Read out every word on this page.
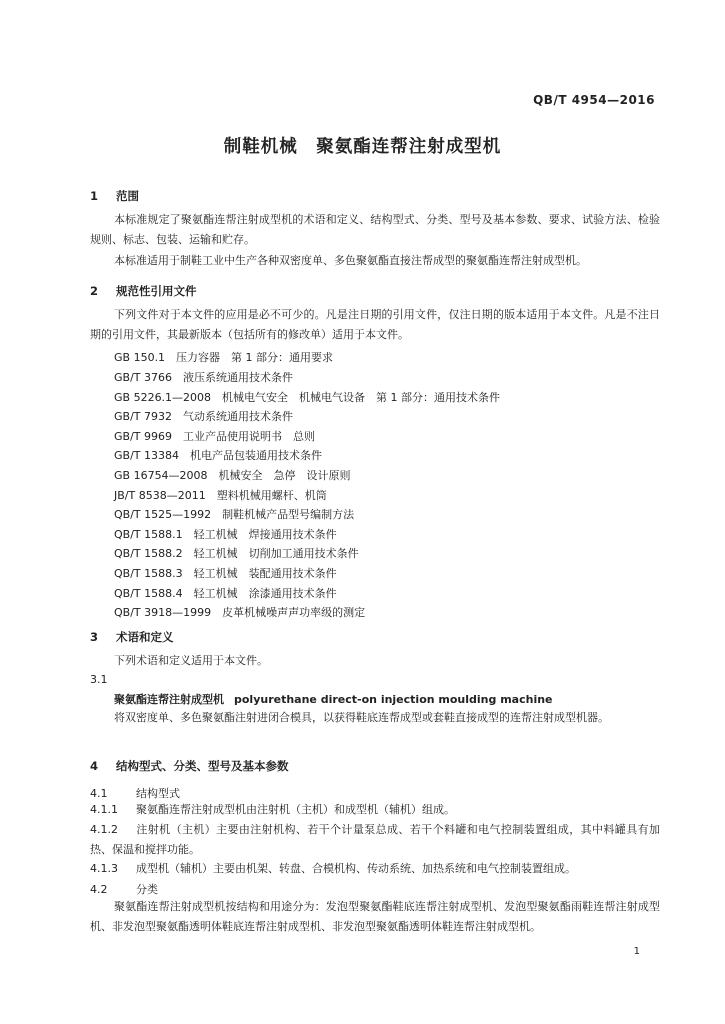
QB/T 4954—2016
制鞋机械　聚氨酯连帮注射成型机
1 范围
本标准规定了聚氨酯连帮注射成型机的术语和定义、结构型式、分类、型号及基本参数、要求、试验方法、检验规则、标志、包装、运输和贮存。
本标准适用于制鞋工业中生产各种双密度单、多色聚氨酯直接注帮成型的聚氨酯连帮注射成型机。
2 规范性引用文件
下列文件对于本文件的应用是必不可少的。凡是注日期的引用文件，仅注日期的版本适用于本文件。凡是不注日期的引用文件，其最新版本（包括所有的修改单）适用于本文件。
GB 150.1　压力容器　第 1 部分：通用要求
GB/T 3766　液压系统通用技术条件
GB 5226.1—2008　机械电气安全　机械电气设备　第 1 部分：通用技术条件
GB/T 7932　气动系统通用技术条件
GB/T 9969　工业产品使用说明书　总则
GB/T 13384　机电产品包装通用技术条件
GB 16754—2008　机械安全　急停　设计原则
JB/T 8538—2011　塑料机械用螺杆、机筒
QB/T 1525—1992　制鞋机械产品型号编制方法
QB/T 1588.1　轻工机械　焊接通用技术条件
QB/T 1588.2　轻工机械　切削加工通用技术条件
QB/T 1588.3　轻工机械　装配通用技术条件
QB/T 1588.4　轻工机械　涂漆通用技术条件
QB/T 3918—1999　皮革机械噪声声功率级的测定
3 术语和定义
下列术语和定义适用于本文件。
3.1
聚氨酯连帮注射成型机 polyurethane direct-on injection moulding machine
将双密度单、多色聚氨酯注射进闭合模具，以获得鞋底连帮成型或套鞋直接成型的连帮注射成型机器。
4 结构型式、分类、型号及基本参数
4.1	结构型式
4.1.1 聚氨酯连帮注射成型机由注射机（主机）和成型机（辅机）组成。
4.1.2 注射机（主机）主要由注射机构、若干个计量泵总成、若干个料罐和电气控制装置组成，其中料罐具有加热、保温和搅拌功能。
4.1.3 成型机（辅机）主要由机架、转盘、合模机构、传动系统、加热系统和电气控制装置组成。
4.2	分类
聚氨酯连帮注射成型机按结构和用途分为：发泡型聚氨酯鞋底连帮注射成型机、发泡型聚氨酯雨鞋连帮注射成型机、非发泡型聚氨酯透明体鞋底连帮注射成型机、非发泡型聚氨酯透明体鞋连帮注射成型机。
1
